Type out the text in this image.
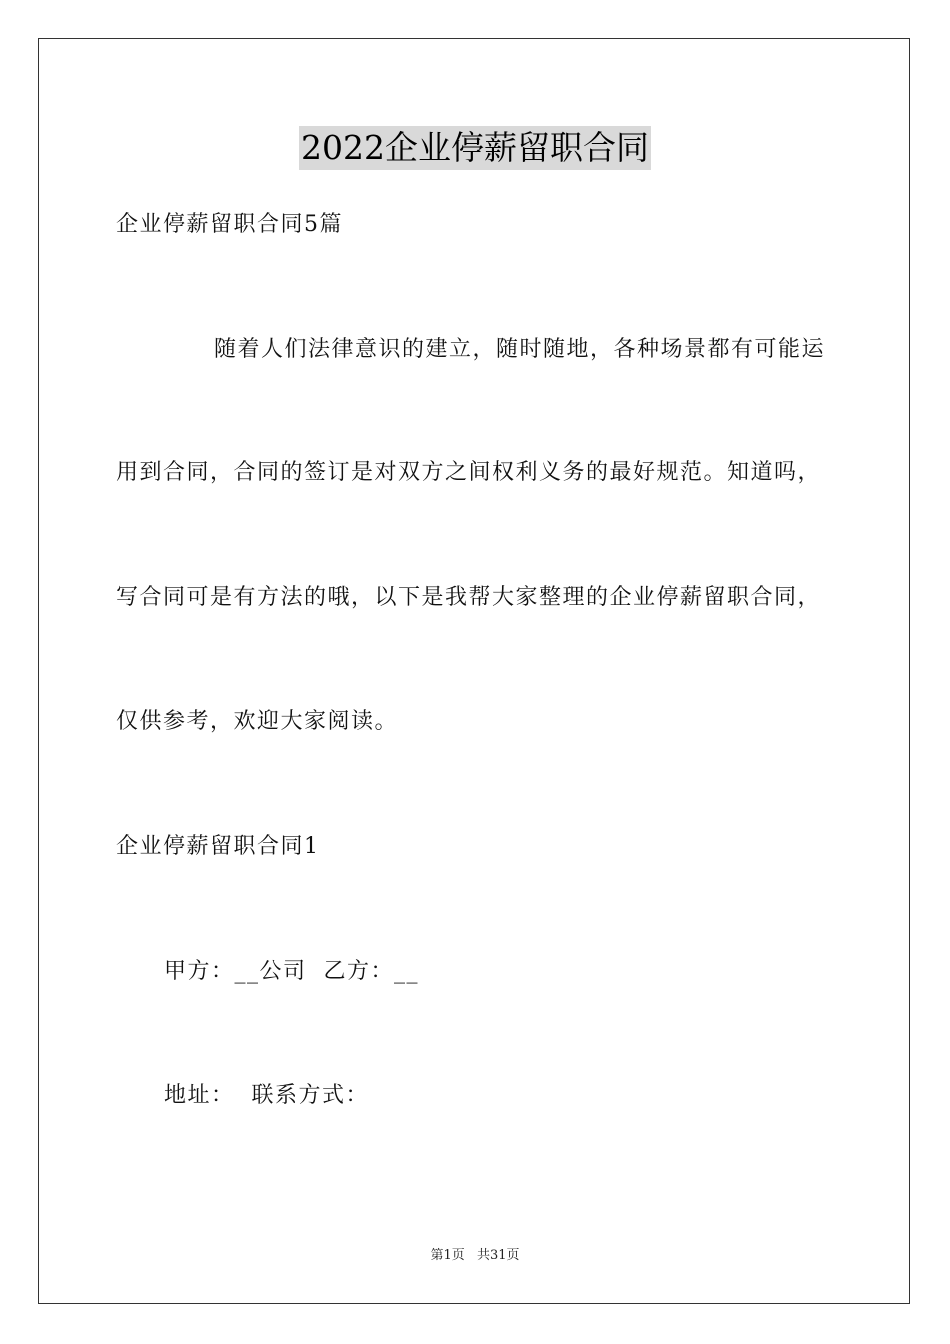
2022企业停薪留职合同
企业停薪留职合同5篇
随着人们法律意识的建立，随时随地，各种场景都有可能运
用到合同，合同的签订是对双方之间权利义务的最好规范。知道吗，
写合同可是有方法的哦，以下是我帮大家整理的企业停薪留职合同，
仅供参考，欢迎大家阅读。
企业停薪留职合同1
甲方：__公司  乙方：__
地址：  联系方式：
第1页 共31页
